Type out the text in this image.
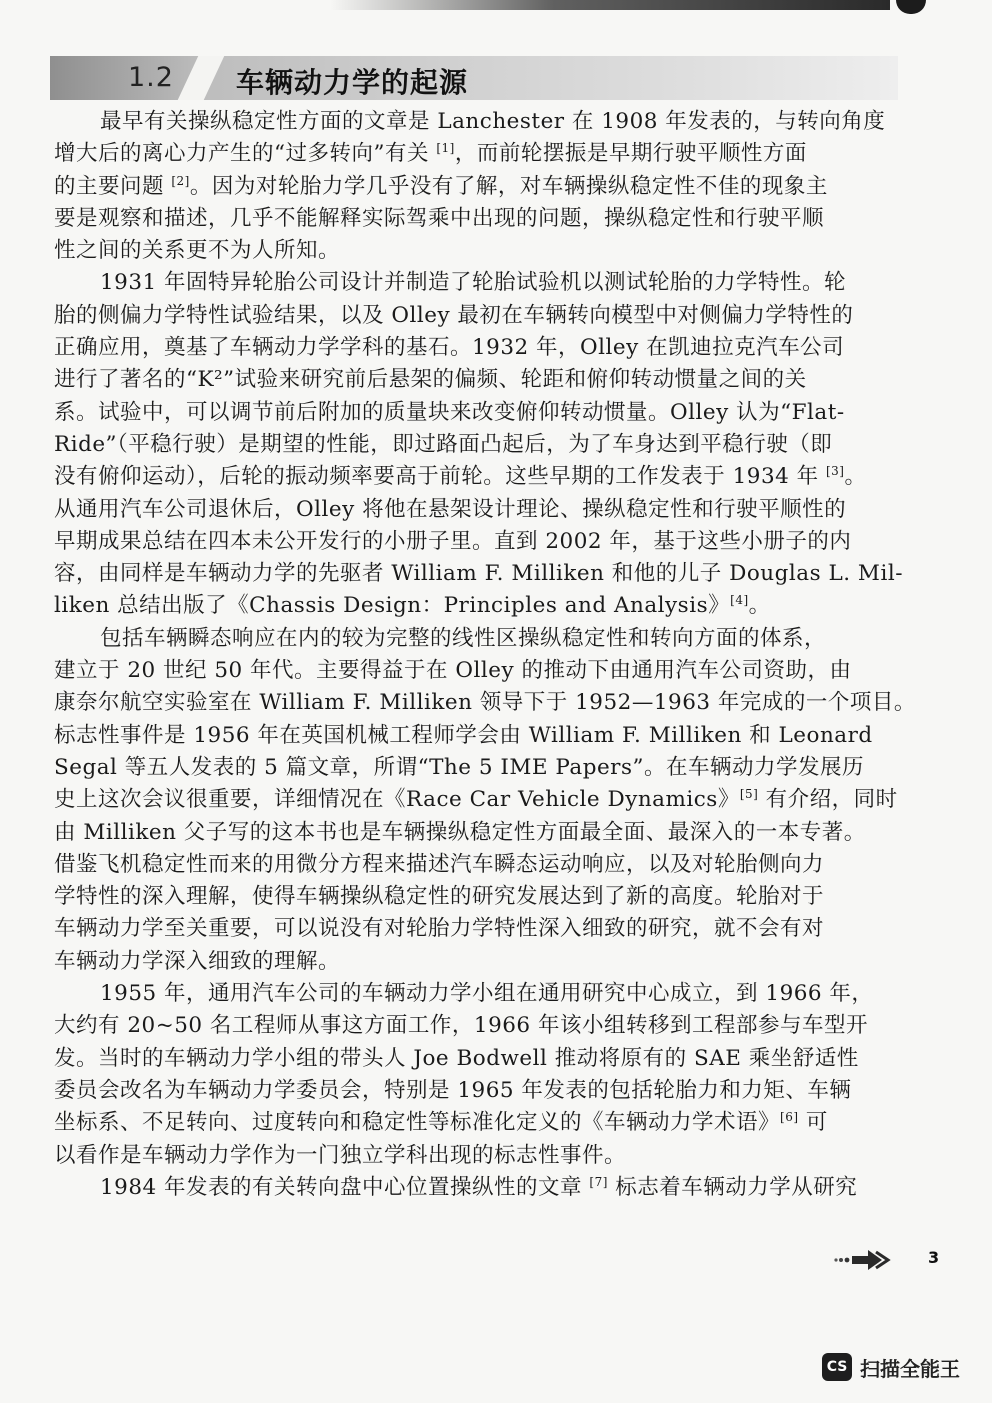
1.2 车辆动力学的起源
最早有关操纵稳定性方面的文章是 Lanchester 在 1908 年发表的，与转向角度
增大后的离心力产生的“过多转向”有关 [1]，而前轮摆振是早期行驶平顺性方面
的主要问题 [2]。因为对轮胎力学几乎没有了解，对车辆操纵稳定性不佳的现象主
要是观察和描述，几乎不能解释实际驾乘中出现的问题，操纵稳定性和行驶平顺
性之间的关系更不为人所知。
1931 年固特异轮胎公司设计并制造了轮胎试验机以测试轮胎的力学特性。轮
胎的侧偏力学特性试验结果，以及 Olley 最初在车辆转向模型中对侧偏力学特性的
正确应用，奠基了车辆动力学学科的基石。1932 年，Olley 在凯迪拉克汽车公司
进行了著名的“K²”试验来研究前后悬架的偏频、轮距和俯仰转动惯量之间的关
系。试验中，可以调节前后附加的质量块来改变俯仰转动惯量。Olley 认为“Flat-
Ride”（平稳行驶）是期望的性能，即过路面凸起后，为了车身达到平稳行驶（即
没有俯仰运动），后轮的振动频率要高于前轮。这些早期的工作发表于 1934 年 [3]。
从通用汽车公司退休后，Olley 将他在悬架设计理论、操纵稳定性和行驶平顺性的
早期成果总结在四本未公开发行的小册子里。直到 2002 年，基于这些小册子的内
容，由同样是车辆动力学的先驱者 William F. Milliken 和他的儿子 Douglas L. Mil-
liken 总结出版了《Chassis Design：Principles and Analysis》[4]。
包括车辆瞬态响应在内的较为完整的线性区操纵稳定性和转向方面的体系，
建立于 20 世纪 50 年代。主要得益于在 Olley 的推动下由通用汽车公司资助，由
康奈尔航空实验室在 William F. Milliken 领导下于 1952—1963 年完成的一个项目。
标志性事件是 1956 年在英国机械工程师学会由 William F. Milliken 和 Leonard
Segal 等五人发表的 5 篇文章，所谓“The 5 IME Papers”。在车辆动力学发展历
史上这次会议很重要，详细情况在《Race Car Vehicle Dynamics》[5] 有介绍，同时
由 Milliken 父子写的这本书也是车辆操纵稳定性方面最全面、最深入的一本专著。
借鉴飞机稳定性而来的用微分方程来描述汽车瞬态运动响应，以及对轮胎侧向力
学特性的深入理解，使得车辆操纵稳定性的研究发展达到了新的高度。轮胎对于
车辆动力学至关重要，可以说没有对轮胎力学特性深入细致的研究，就不会有对
车辆动力学深入细致的理解。
1955 年，通用汽车公司的车辆动力学小组在通用研究中心成立，到 1966 年，
大约有 20~50 名工程师从事这方面工作，1966 年该小组转移到工程部参与车型开
发。当时的车辆动力学小组的带头人 Joe Bodwell 推动将原有的 SAE 乘坐舒适性
委员会改名为车辆动力学委员会，特别是 1965 年发表的包括轮胎力和力矩、车辆
坐标系、不足转向、过度转向和稳定性等标准化定义的《车辆动力学术语》[6] 可
以看作是车辆动力学作为一门独立学科出现的标志性事件。
1984 年发表的有关转向盘中心位置操纵性的文章 [7] 标志着车辆动力学从研究
3
CS 扫描全能王
